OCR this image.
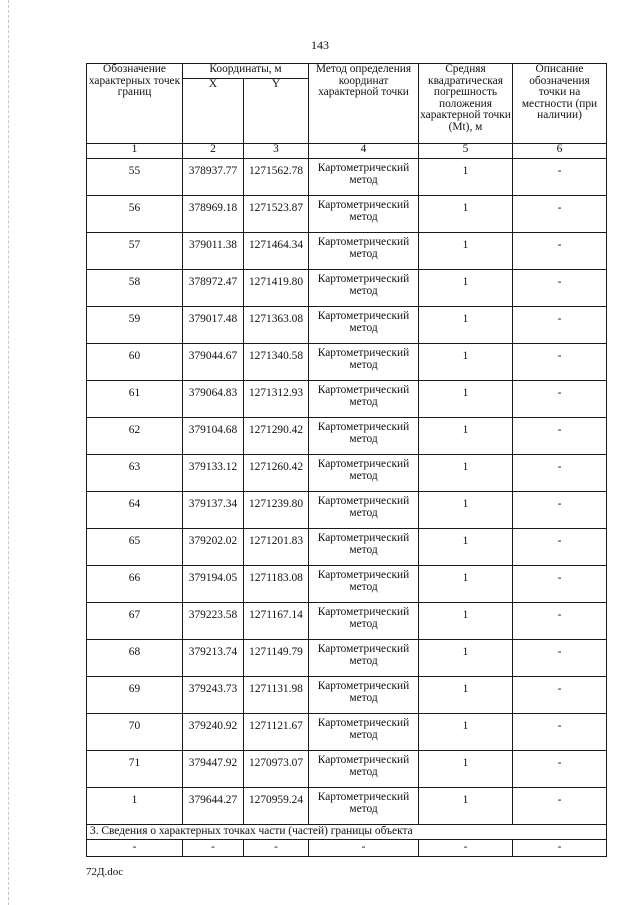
143
Обозначение характерных точек границ	Координаты, м		Метод определения координат характерной точки	Средняя квадратическая погрешность положения характерной точки (Mt), м	Описание обозначения точки на местности (при наличии)
	X	Y			
1	2	3	4	5	6
55	378937.77	1271562.78	Картометрический метод	1	-
56	378969.18	1271523.87	Картометрический метод	1	-
57	379011.38	1271464.34	Картометрический метод	1	-
58	378972.47	1271419.80	Картометрический метод	1	-
59	379017.48	1271363.08	Картометрический метод	1	-
60	379044.67	1271340.58	Картометрический метод	1	-
61	379064.83	1271312.93	Картометрический метод	1	-
62	379104.68	1271290.42	Картометрический метод	1	-
63	379133.12	1271260.42	Картометрический метод	1	-
64	379137.34	1271239.80	Картометрический метод	1	-
65	379202.02	1271201.83	Картометрический метод	1	-
66	379194.05	1271183.08	Картометрический метод	1	-
67	379223.58	1271167.14	Картометрический метод	1	-
68	379213.74	1271149.79	Картометрический метод	1	-
69	379243.73	1271131.98	Картометрический метод	1	-
70	379240.92	1271121.67	Картометрический метод	1	-
71	379447.92	1270973.07	Картометрический метод	1	-
1	379644.27	1270959.24	Картометрический метод	1	-
3. Сведения о характерных точках части (частей) границы объекта					
-	-	-	-	-	-
72Д.doc
